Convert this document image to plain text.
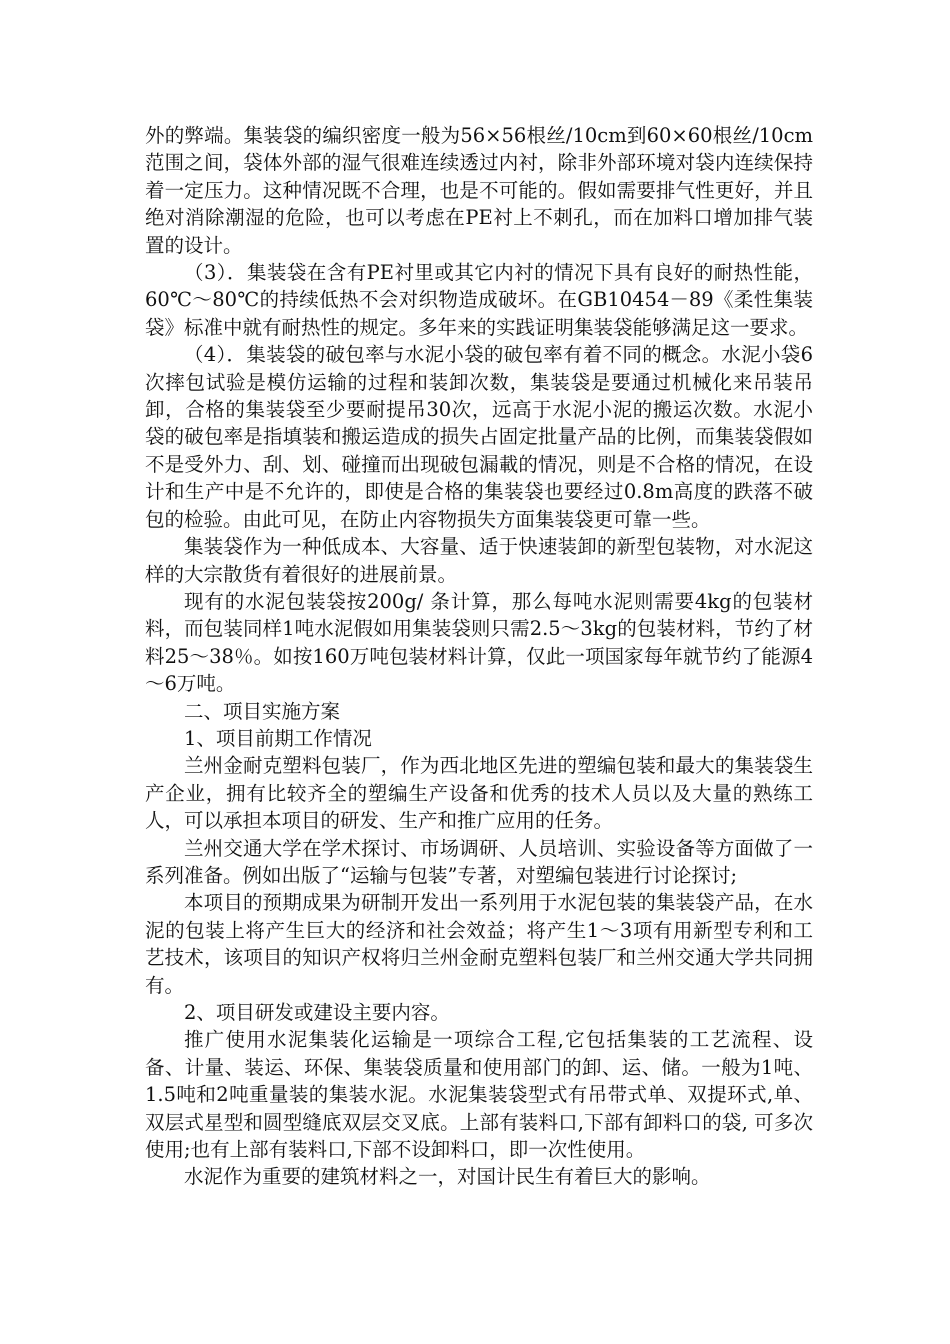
外的弊端。集装袋的编织密度一般为56×56根丝/10cm到60×60根丝/10cm范围之间，袋体外部的湿气很难连续透过内衬，除非外部环境对袋内连续保持着一定压力。这种情况既不合理，也是不可能的。假如需要排气性更好，并且绝对消除潮湿的危险，也可以考虑在PE衬上不刺孔，而在加料口增加排气装置的设计。

（3）．集装袋在含有PE衬里或其它内衬的情况下具有良好的耐热性能，60℃～80℃的持续低热不会对织物造成破坏。在GB10454－89《柔性集装袋》标准中就有耐热性的规定。多年来的实践证明集装袋能够满足这一要求。

（4）．集装袋的破包率与水泥小袋的破包率有着不同的概念。水泥小袋6次摔包试验是模仿运输的过程和装卸次数，集装袋是要通过机械化来吊装吊卸，合格的集装袋至少要耐提吊30次，远高于水泥小泥的搬运次数。水泥小袋的破包率是指填装和搬运造成的损失占固定批量产品的比例，而集装袋假如不是受外力、刮、划、碰撞而出现破包漏載的情况，则是不合格的情况，在设计和生产中是不允许的，即使是合格的集装袋也要经过0.8m高度的跌落不破包的检验。由此可见，在防止内容物损失方面集装袋更可靠一些。

集装袋作为一种低成本、大容量、适于快速装卸的新型包装物，对水泥这样的大宗散货有着很好的进展前景。

现有的水泥包装袋按200g/ 条计算，那么每吨水泥则需要4kg的包装材料，而包装同样1吨水泥假如用集装袋则只需2.5～3kg的包装材料，节约了材料25～38％。如按160万吨包装材料计算，仅此一项国家每年就节约了能源4～6万吨。

二、项目实施方案

1、项目前期工作情况

兰州金耐克塑料包装厂，作为西北地区先进的塑编包装和最大的集装袋生产企业，拥有比较齐全的塑编生产设备和优秀的技术人员以及大量的熟练工人，可以承担本项目的研发、生产和推广应用的任务。

兰州交通大学在学术探讨、市场调研、人员培训、实验设备等方面做了一系列准备。例如出版了“运输与包装”专著，对塑编包装进行讨论探讨;

本项目的预期成果为研制开发出一系列用于水泥包装的集装袋产品，在水泥的包装上将产生巨大的经济和社会效益；将产生1～3项有用新型专利和工艺技术，该项目的知识产权将归兰州金耐克塑料包装厂和兰州交通大学共同拥有。

2、项目研发或建设主要内容。

推广使用水泥集装化运输是一项综合工程,它包括集装的工艺流程、设备、计量、装运、环保、集装袋质量和使用部门的卸、运、储。一般为1吨、1.5吨和2吨重量装的集装水泥。水泥集装袋型式有吊带式单、双提环式,单、双层式星型和圆型缝底双层交叉底。上部有装料口,下部有卸料口的袋, 可多次使用;也有上部有装料口,下部不设卸料口，即一次性使用。

水泥作为重要的建筑材料之一，对国计民生有着巨大的影响。
